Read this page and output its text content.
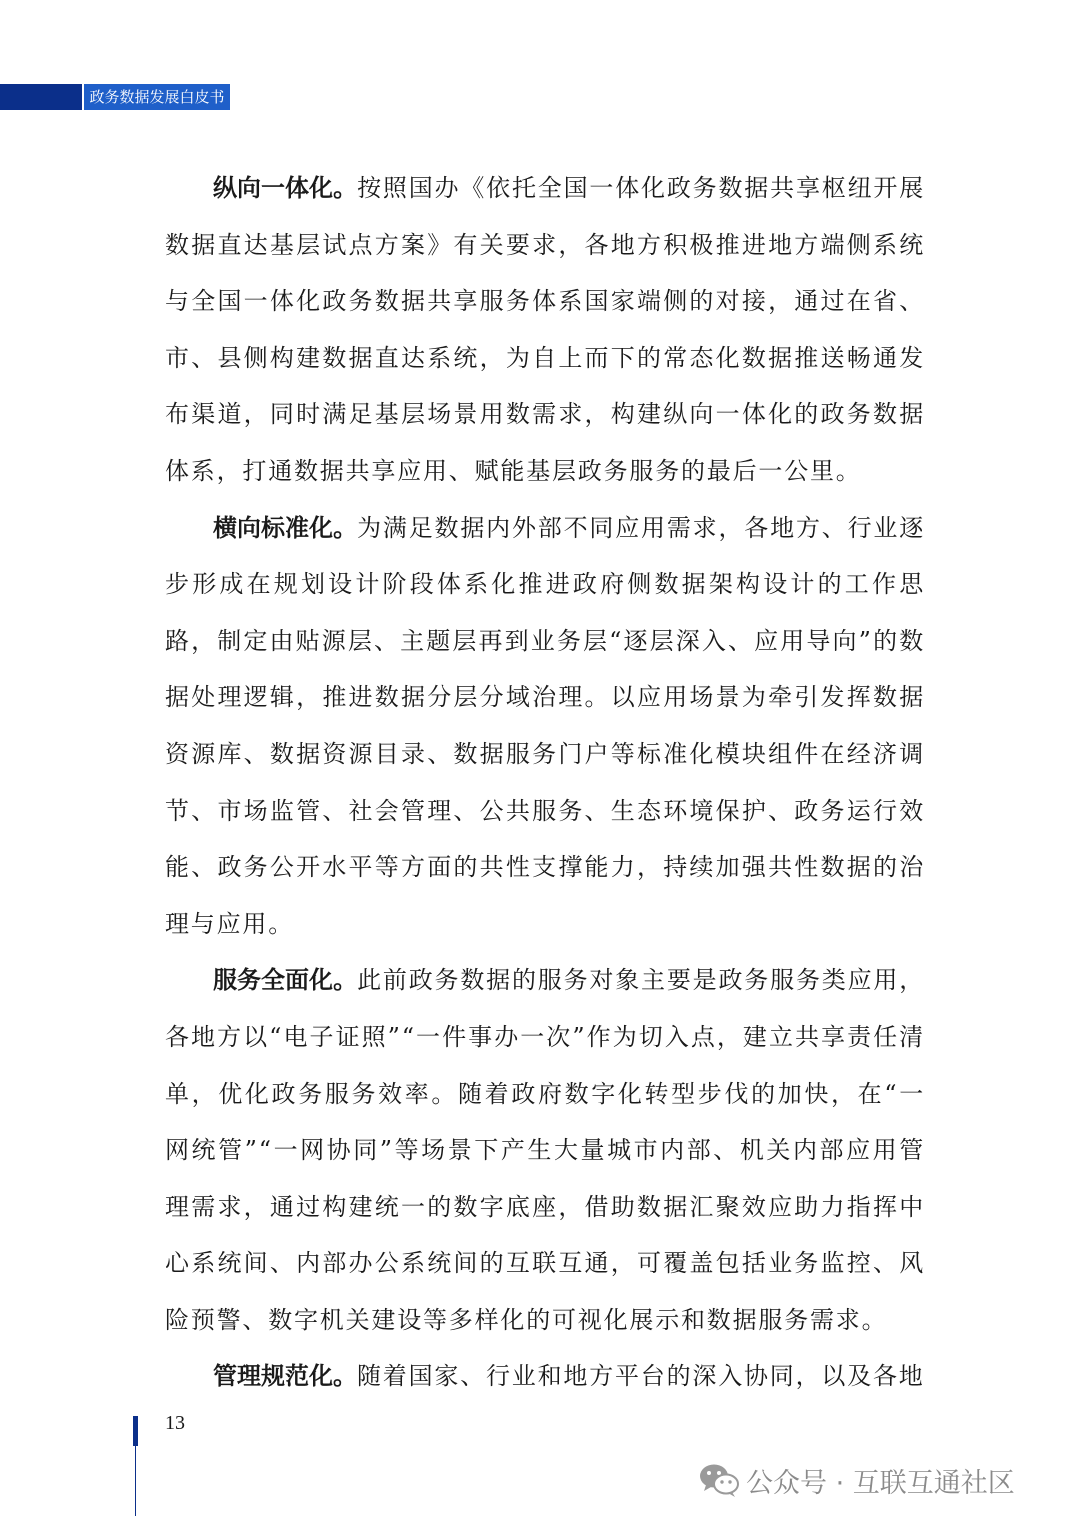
政务数据发展白皮书

纵向一体化。按照国办《依托全国一体化政务数据共享枢纽开展数据直达基层试点方案》有关要求，各地方积极推进地方端侧系统与全国一体化政务数据共享服务体系国家端侧的对接，通过在省、市、县侧构建数据直达系统，为自上而下的常态化数据推送畅通发布渠道，同时满足基层场景用数需求，构建纵向一体化的政务数据体系，打通数据共享应用、赋能基层政务服务的最后一公里。

横向标准化。为满足数据内外部不同应用需求，各地方、行业逐步形成在规划设计阶段体系化推进政府侧数据架构设计的工作思路，制定由贴源层、主题层再到业务层“逐层深入、应用导向”的数据处理逻辑，推进数据分层分域治理。以应用场景为牵引发挥数据资源库、数据资源目录、数据服务门户等标准化模块组件在经济调节、市场监管、社会管理、公共服务、生态环境保护、政务运行效能、政务公开水平等方面的共性支撑能力，持续加强共性数据的治理与应用。

服务全面化。此前政务数据的服务对象主要是政务服务类应用，各地方以“电子证照”“一件事办一次”作为切入点，建立共享责任清单，优化政务服务效率。随着政府数字化转型步伐的加快，在“一网统管”“一网协同”等场景下产生大量城市内部、机关内部应用管理需求，通过构建统一的数字底座，借助数据汇聚效应助力指挥中心系统间、内部办公系统间的互联互通，可覆盖包括业务监控、风险预警、数字机关建设等多样化的可视化展示和数据服务需求。

管理规范化。随着国家、行业和地方平台的深入协同，以及各地

13
公众号 · 互联互通社区
